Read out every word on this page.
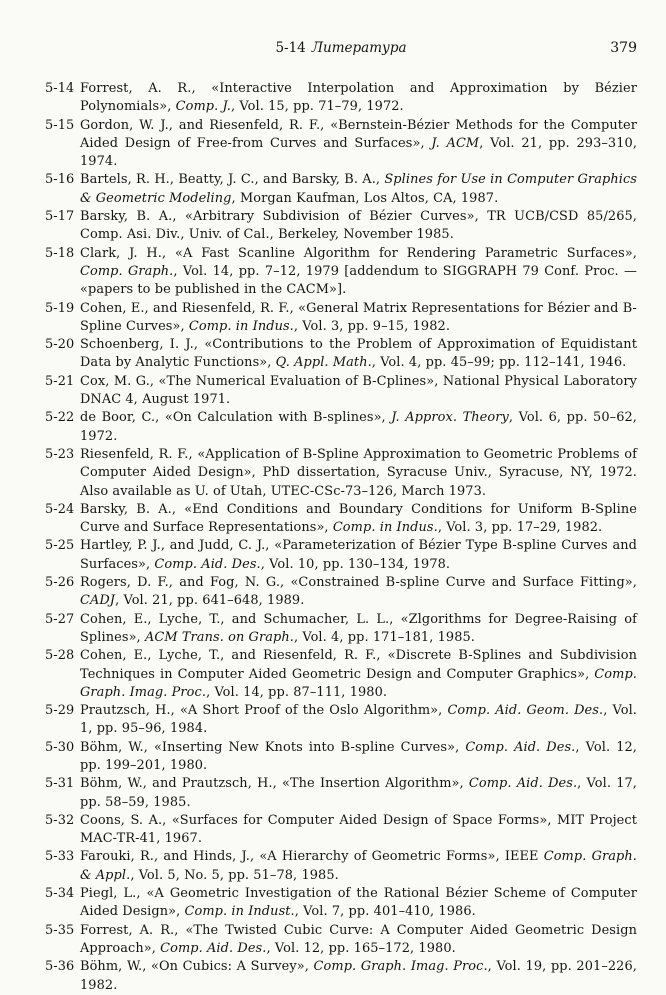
5-14 Литература	379
5-14 Forrest, A. R., «Interactive Interpolation and Approximation by Bézier Polynomials», Comp. J., Vol. 15, pp. 71–79, 1972.
5-15 Gordon, W. J., and Riesenfeld, R. F., «Bernstein-Bézier Methods for the Computer Aided Design of Free-from Curves and Surfaces», J. ACM, Vol. 21, pp. 293–310, 1974.
5-16 Bartels, R. H., Beatty, J. C., and Barsky, B. A., Splines for Use in Computer Graphics & Geometric Modeling, Morgan Kaufman, Los Altos, CA, 1987.
5-17 Barsky, B. A., «Arbitrary Subdivision of Bézier Curves», TR UCB/CSD 85/265, Comp. Asi. Div., Univ. of Cal., Berkeley, November 1985.
5-18 Clark, J. H., «A Fast Scanline Algorithm for Rendering Parametric Surfaces», Comp. Graph., Vol. 14, pp. 7–12, 1979 [addendum to SIGGRAPH 79 Conf. Proc. — «papers to be published in the CACM»].
5-19 Cohen, E., and Riesenfeld, R. F., «General Matrix Representations for Bézier and B-Spline Curves», Comp. in Indus., Vol. 3, pp. 9–15, 1982.
5-20 Schoenberg, I. J., «Contributions to the Problem of Approximation of Equidistant Data by Analytic Functions», Q. Appl. Math., Vol. 4, pp. 45–99; pp. 112–141, 1946.
5-21 Cox, M. G., «The Numerical Evaluation of B-Cplines», National Physical Laboratory DNAC 4, August 1971.
5-22 de Boor, C., «On Calculation with B-splines», J. Approx. Theory, Vol. 6, pp. 50–62, 1972.
5-23 Riesenfeld, R. F., «Application of B-Spline Approximation to Geometric Problems of Computer Aided Design», PhD dissertation, Syracuse Univ., Syracuse, NY, 1972. Also available as U. of Utah, UTEC-CSc-73–126, March 1973.
5-24 Barsky, B. A., «End Conditions and Boundary Conditions for Uniform B-Spline Curve and Surface Representations», Comp. in Indus., Vol. 3, pp. 17–29, 1982.
5-25 Hartley, P. J., and Judd, C. J., «Parameterization of Bézier Type B-spline Curves and Surfaces», Comp. Aid. Des., Vol. 10, pp. 130–134, 1978.
5-26 Rogers, D. F., and Fog, N. G., «Constrained B-spline Curve and Surface Fitting», CADJ, Vol. 21, pp. 641–648, 1989.
5-27 Cohen, E., Lyche, T., and Schumacher, L. L., «Zlgorithms for Degree-Raising of Splines», ACM Trans. on Graph., Vol. 4, pp. 171–181, 1985.
5-28 Cohen, E., Lyche, T., and Riesenfeld, R. F., «Discrete B-Splines and Subdivision Techniques in Computer Aided Geometric Design and Computer Graphics», Comp. Graph. Imag. Proc., Vol. 14, pp. 87–111, 1980.
5-29 Prautzsch, H., «A Short Proof of the Oslo Algorithm», Comp. Aid. Geom. Des., Vol. 1, pp. 95–96, 1984.
5-30 Böhm, W., «Inserting New Knots into B-spline Curves», Comp. Aid. Des., Vol. 12, pp. 199–201, 1980.
5-31 Böhm, W., and Prautzsch, H., «The Insertion Algorithm», Comp. Aid. Des., Vol. 17, pp. 58–59, 1985.
5-32 Coons, S. A., «Surfaces for Computer Aided Design of Space Forms», MIT Project MAC-TR-41, 1967.
5-33 Farouki, R., and Hinds, J., «A Hierarchy of Geometric Forms», IEEE Comp. Graph. & Appl., Vol. 5, No. 5, pp. 51–78, 1985.
5-34 Piegl, L., «A Geometric Investigation of the Rational Bézier Scheme of Computer Aided Design», Comp. in Indust., Vol. 7, pp. 401–410, 1986.
5-35 Forrest, A. R., «The Twisted Cubic Curve: A Computer Aided Geometric Design Approach», Comp. Aid. Des., Vol. 12, pp. 165–172, 1980.
5-36 Böhm, W., «On Cubics: A Survey», Comp. Graph. Imag. Proc., Vol. 19, pp. 201–226, 1982.
